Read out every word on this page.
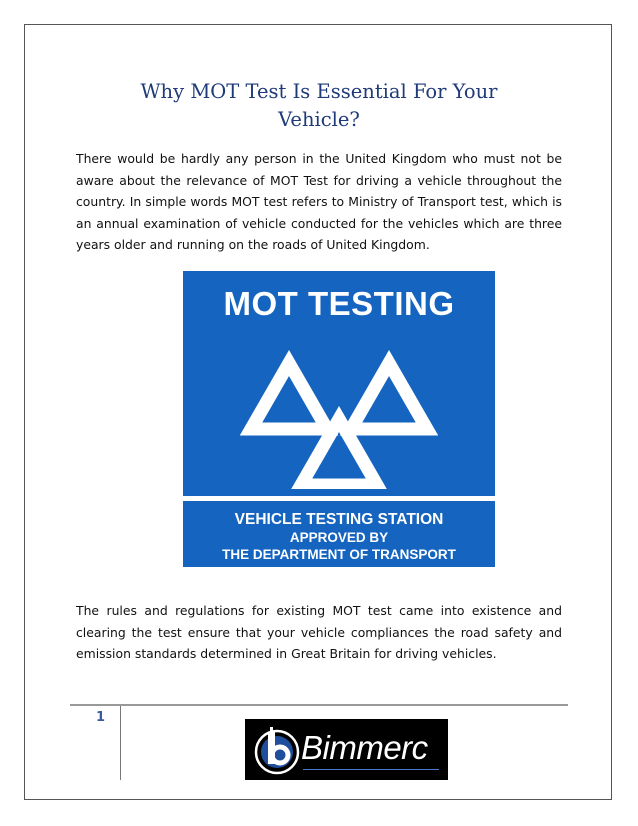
Why MOT Test Is Essential For Your
Vehicle?

There would be hardly any person in the United Kingdom who must not be aware about the relevance of MOT Test for driving a vehicle throughout the country. In simple words MOT test refers to Ministry of Transport test, which is an annual examination of vehicle conducted for the vehicles which are three years older and running on the roads of United Kingdom.

MOT TESTING

VEHICLE TESTING STATION

APPROVED BY

THE DEPARTMENT OF TRANSPORT

The rules and regulations for existing MOT test came into existence and clearing the test ensure that your vehicle compliances the road safety and emission standards determined in Great Britain for driving vehicles.

1
Bimmerc
